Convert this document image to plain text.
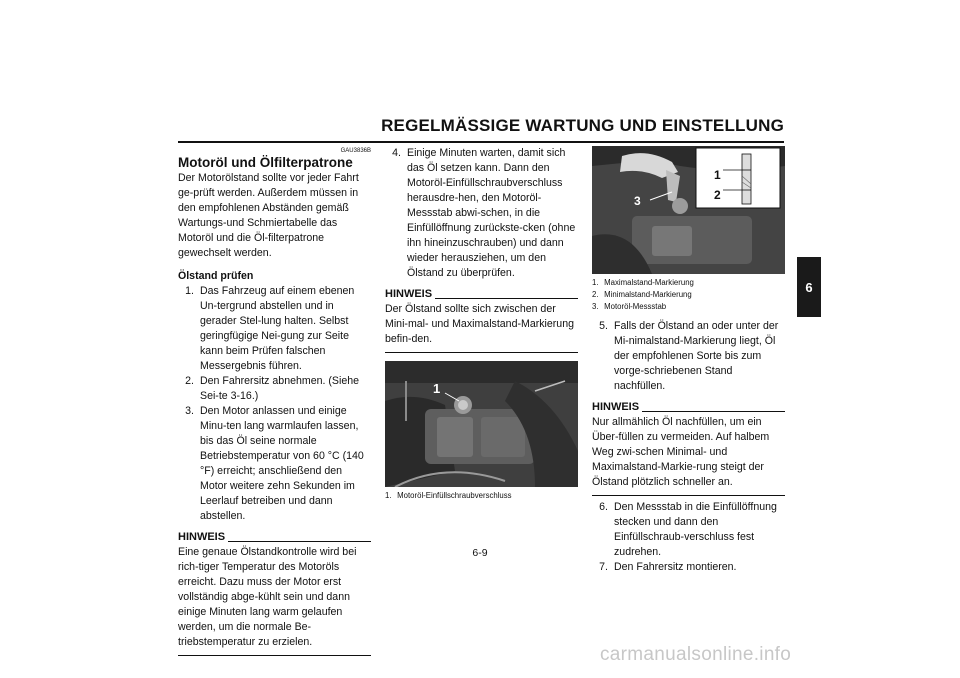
REGELMÄSSIGE WARTUNG UND EINSTELLUNG
6
GAU3836B
Motoröl und Ölfilterpatrone

Der Motorölstand sollte vor jeder Fahrt ge-prüft werden. Außerdem müssen in den empfohlenen Abständen gemäß Wartungs-und Schmiertabelle das Motoröl und die Öl-filterpatrone gewechselt werden.

Ölstand prüfen
1. Das Fahrzeug auf einem ebenen Un-tergrund abstellen und in gerader Stel-lung halten. Selbst geringfügige Nei-gung zur Seite kann beim Prüfen falschen Messergebnis führen.
2. Den Fahrersitz abnehmen. (Siehe Sei-te 3-16.)
3. Den Motor anlassen und einige Minu-ten lang warmlaufen lassen, bis das Öl seine normale Betriebstemperatur von 60 °C (140 °F) erreicht; anschließend den Motor weitere zehn Sekunden im Leerlauf betreiben und dann abstellen.
HINWEIS

Eine genaue Ölstandkontrolle wird bei rich-tiger Temperatur des Motoröls erreicht. Dazu muss der Motor erst vollständig abge-kühlt sein und dann einige Minuten lang warm gelaufen werden, um die normale Be-triebstemperatur zu erzielen.

4. Einige Minuten warten, damit sich das Öl setzen kann. Dann den Motoröl-Einfüllschraubverschluss herausdre-hen, den Motoröl-Messstab abwi-schen, in die Einfüllöffnung zurückste-cken (ohne ihn hineinzuschrauben) und dann wieder herausziehen, um den Ölstand zu überprüfen.
HINWEIS

Der Ölstand sollte sich zwischen der Mini-mal- und Maximalstand-Markierung befin-den.

1
1. Motoröl-Einfüllschraubverschluss
1
2
3
1. Maximalstand-Markierung
2. Minimalstand-Markierung
3. Motoröl-Messstab
5. Falls der Ölstand an oder unter der Mi-nimalstand-Markierung liegt, Öl der empfohlenen Sorte bis zum vorge-schriebenen Stand nachfüllen.
HINWEIS

Nur allmählich Öl nachfüllen, um ein Über-füllen zu vermeiden. Auf halbem Weg zwi-schen Minimal- und Maximalstand-Markie-rung steigt der Ölstand plötzlich schneller an.

6. Den Messstab in die Einfüllöffnung stecken und dann den Einfüllschraub-verschluss fest zudrehen.
7. Den Fahrersitz montieren.
6-9
carmanualsonline.info
